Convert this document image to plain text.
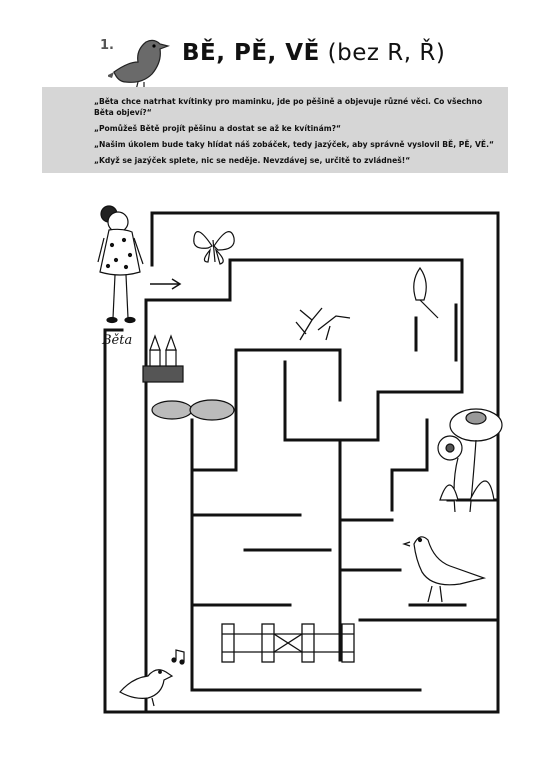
1.	BĚ, PĚ, VĚ (bez R, Ř)

„Běta chce natrhat kvítinky pro maminku, jde po pěšině a objevuje různé věci. Co všechno Běta objeví?“

„Pomůžeš Bětě projít pěšinu a dostat se až ke kvítinám?“

„Našim úkolem bude taky hlídat náš zobáček, tedy jazýček, aby správně vyslovil BĚ, PĚ, VĚ.“

„Když se jazýček splete, nic se neděje. Nevzdávej se, určitě to zvládneš!“

Běta
